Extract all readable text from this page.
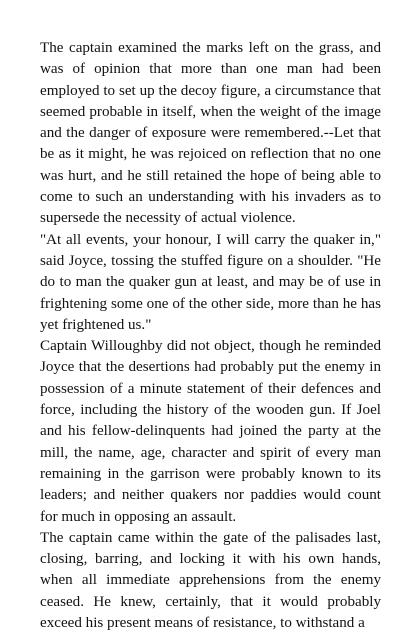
The captain examined the marks left on the grass, and was of opinion that more than one man had been employed to set up the decoy figure, a circumstance that seemed probable in itself, when the weight of the image and the danger of exposure were remembered.--Let that be as it might, he was rejoiced on reflection that no one was hurt, and he still retained the hope of being able to come to such an understanding with his invaders as to supersede the necessity of actual violence.

"At all events, your honour, I will carry the quaker in," said Joyce, tossing the stuffed figure on a shoulder. "He do to man the quaker gun at least, and may be of use in frightening some one of the other side, more than he has yet frightened us."

Captain Willoughby did not object, though he reminded Joyce that the desertions had probably put the enemy in possession of a minute statement of their defences and force, including the history of the wooden gun. If Joel and his fellow-delinquents had joined the party at the mill, the name, age, character and spirit of every man remaining in the garrison were probably known to its leaders; and neither quakers nor paddies would count for much in opposing an assault.

The captain came within the gate of the palisades last, closing, barring, and locking it with his own hands, when all immediate apprehensions from the enemy ceased. He knew, certainly, that it would probably exceed his present means of resistance, to withstand a
